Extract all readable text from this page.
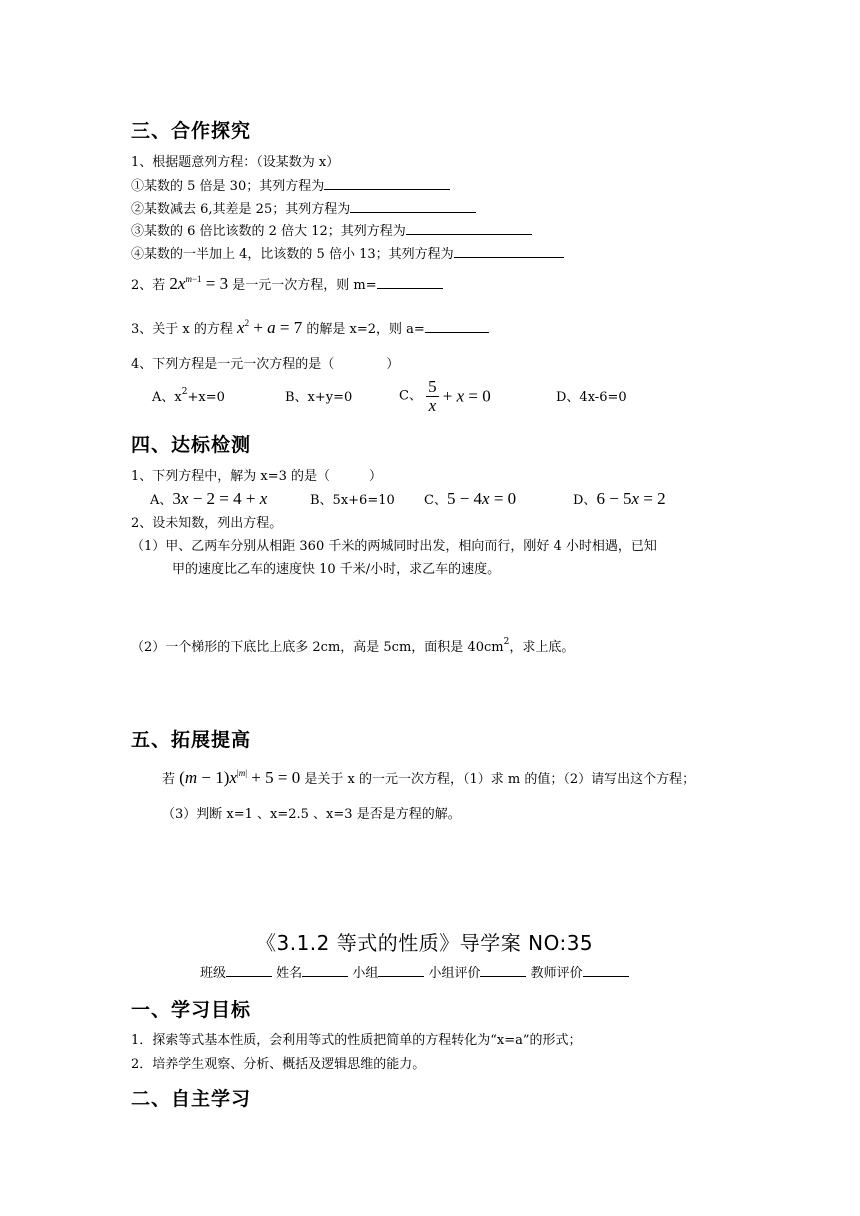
三、合作探究
1、根据题意列方程：（设某数为 x）
①某数的 5 倍是 30；其列方程为
②某数减去 6,其差是 25；其列方程为
③某数的 6 倍比该数的 2 倍大 12；其列方程为
④某数的一半加上 4，比该数的 5 倍小 13；其列方程为
2、若 $2x^{m-1} = 3$ 是一元一次方程，则 m=
3、关于 x 的方程 $x^2 + a = 7$ 的解是 x=2，则 a=
4、下列方程是一元一次方程的是（　　　　）
A、$x^2+x=0$	B、x+y=0	C、 $\frac{5}{x} + x = 0$	D、4x-6=0
四、达标检测
1、下列方程中，解为 x=3 的是（　　　）
A、3x − 2 = 4 + x	B、5x+6=10 C、5 − 4x = 0	D、6 − 5x = 2
2、设未知数，列出方程。
（1）甲、乙两车分别从相距 360 千米的两城同时出发，相向而行，刚好 4 小时相遇，已知
甲的速度比乙车的速度快 10 千米/小时，求乙车的速度。
（2）一个梯形的下底比上底多 2cm，高是 5cm，面积是 $40cm^2$，求上底。
五、拓展提高
若 $(m - 1)x^{|m|} + 5 = 0$ 是关于 x 的一元一次方程，（1）求 m 的值；（2）请写出这个方程；
（3）判断 x=1 、x=2.5 、x=3 是否是方程的解。
《3.1.2 等式的性质》导学案 NO:35
班级	姓名	小组	小组评价	教师评价
一、学习目标
1．探索等式基本性质，会利用等式的性质把简单的方程转化为“x=a”的形式；
2．培养学生观察、分析、概括及逻辑思维的能力。
二、自主学习
